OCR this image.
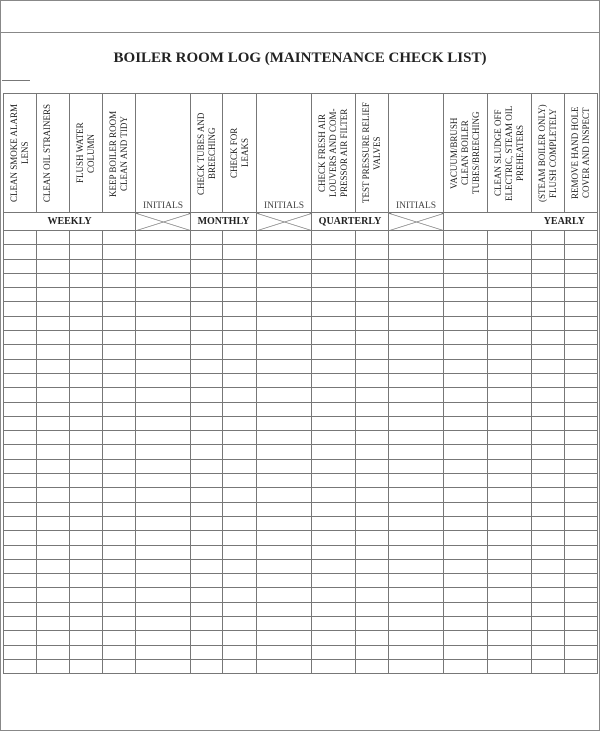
BOILER ROOM LOG (MAINTENANCE CHECK LIST)
CLEAN SMOKE ALARM LENS	CLEAN OIL STRAINERS	FLUSH WATER COLUMN	KEEP BOILER ROOM CLEAN AND TIDY	INITIALS	CHECK TUBES AND BREECHING	CHECK FOR LEAKS	INITIALS	CHECK FRESH AIR LOUVERS AND COM-PRESSOR AIR FILTER	TEST PRESSURE RELIEF VALVES	INITIALS	VACUUM/BRUSH CLEAN BOILER TUBES/BREECHING	CLEAN SLUDGE OFF ELECTRIC, STEAM OIL PREHEATERS	(STEAM BOILER ONLY) FLUSH COMPLETELY	REMOVE HAND HOLE COVER AND INSPECT

WEEKLY					MONTHLY			QUARTERLY			YEARLY			
